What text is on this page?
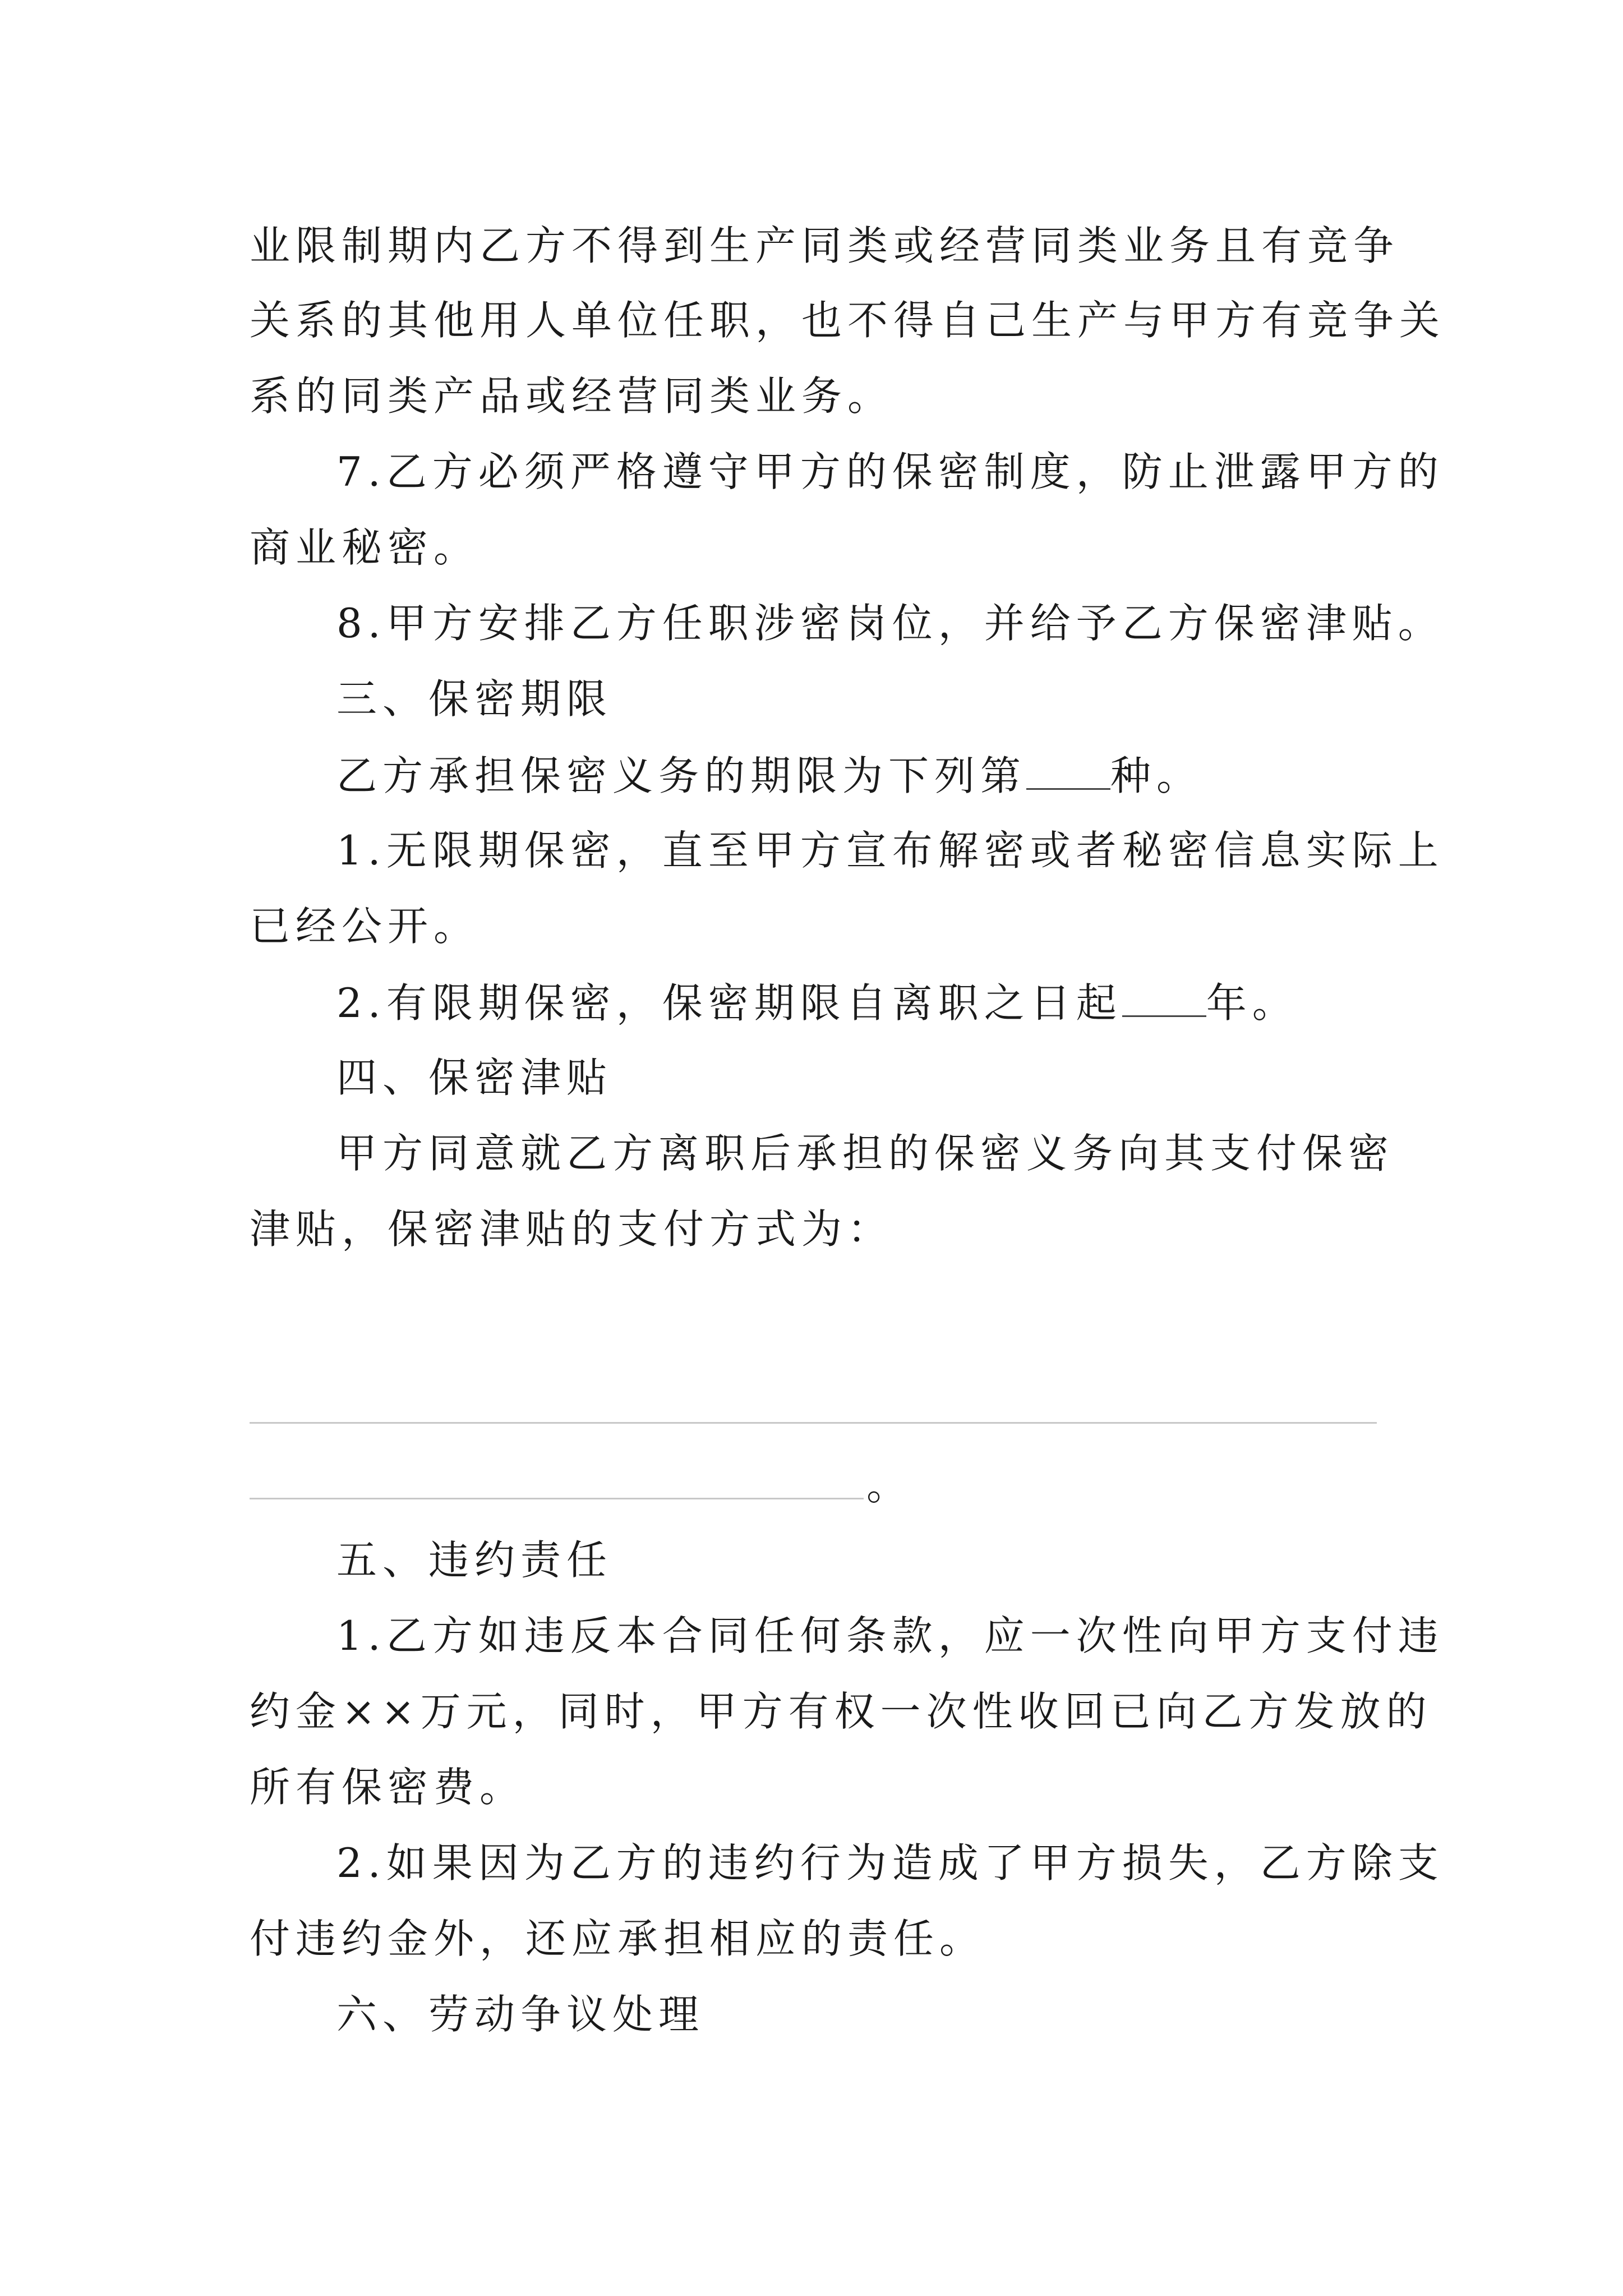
业限制期内乙方不得到生产同类或经营同类业务且有竞争
关系的其他用人单位任职，也不得自己生产与甲方有竞争关
系的同类产品或经营同类业务。
7.乙方必须严格遵守甲方的保密制度，防止泄露甲方的
商业秘密。
8.甲方安排乙方任职涉密岗位，并给予乙方保密津贴。
三、保密期限
乙方承担保密义务的期限为下列第 种。
1.无限期保密，直至甲方宣布解密或者秘密信息实际上
已经公开。
2.有限期保密，保密期限自离职之日起 年。
四、保密津贴
甲方同意就乙方离职后承担的保密义务向其支付保密
津贴，保密津贴的支付方式为：
。
五、违约责任
1.乙方如违反本合同任何条款，应一次性向甲方支付违
约金××万元，同时，甲方有权一次性收回已向乙方发放的
所有保密费。
2.如果因为乙方的违约行为造成了甲方损失，乙方除支
付违约金外，还应承担相应的责任。
六、劳动争议处理
